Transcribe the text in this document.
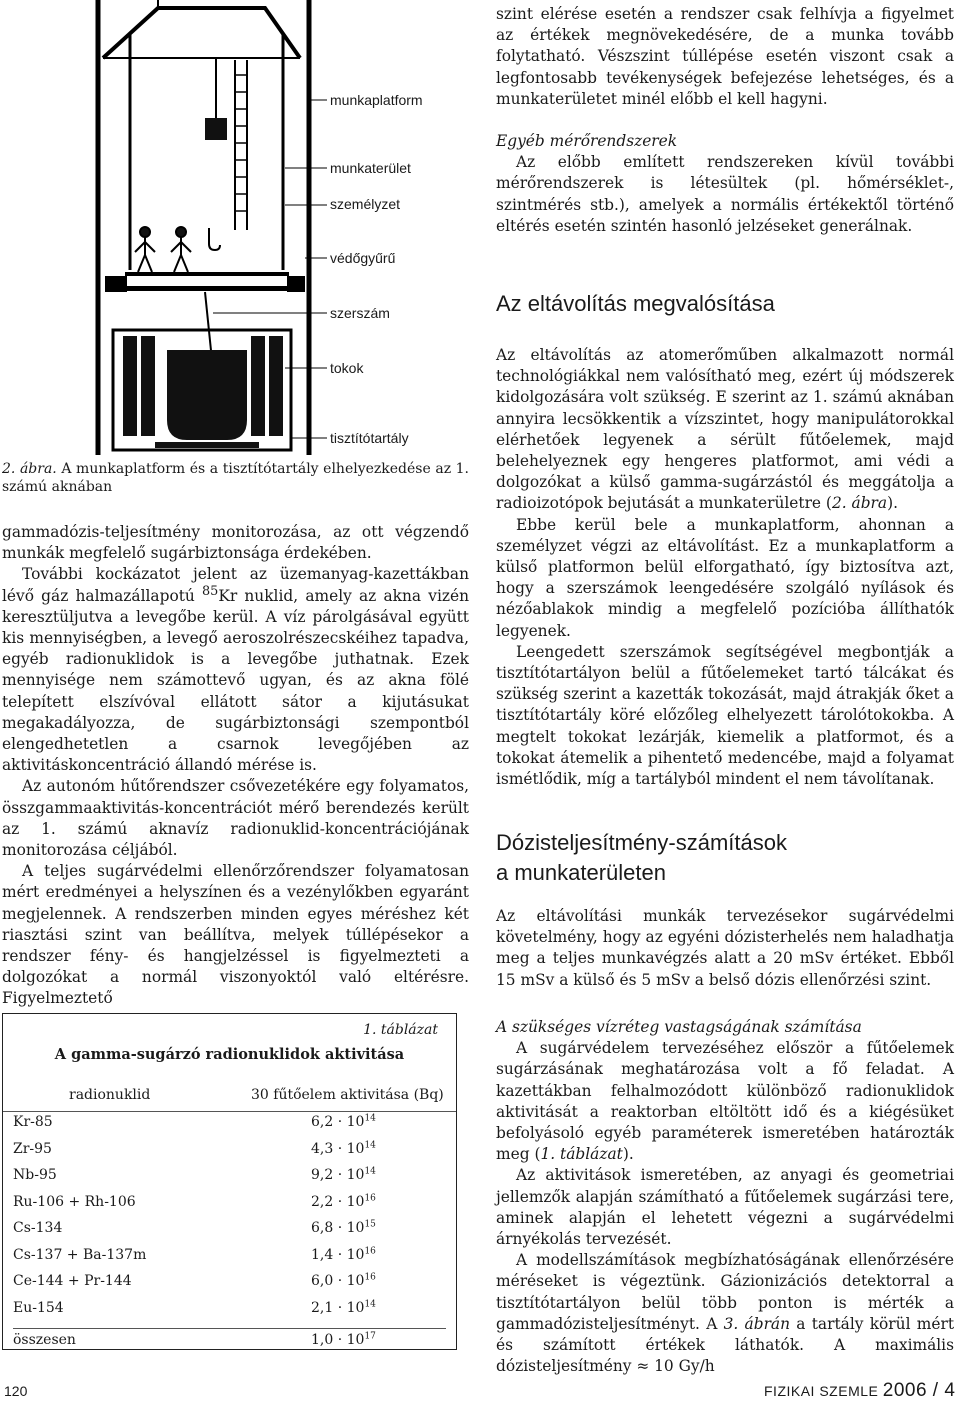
munkaplatform
munkaterület
személyzet
védőgyűrű
szerszám
tokok
tisztítótartály
2. ábra. A munkaplatform és a tisztítótartály elhelyezkedése az 1. számú aknában

gammadózis-teljesítmény monitorozása, az ott végzendő munkák megfelelő sugárbiztonsága érdekében.

További kockázatot jelent az üzemanyag-kazettákban lévő gáz halmazállapotú $^{85}$Kr nuklid, amely az akna vizén keresztüljutva a levegőbe kerül. A víz párolgásával együtt kis mennyiségben, a levegő aeroszolrészecskéihez tapadva, egyéb radionuklidok is a levegőbe juthatnak. Ezek mennyisége nem számottevő ugyan, és az akna fölé telepített elszívóval ellátott sátor a kijutásukat megakadályozza, de sugárbiztonsági szempontból elengedhetetlen a csarnok levegőjében az aktivitáskoncentráció állandó mérése is.

Az autonóm hűtőrendszer csővezetékére egy folyamatos, összgammaaktivitás-koncentrációt mérő berendezés került az 1. számú aknavíz radionuklid-koncentrációjának monitorozása céljából.

A teljes sugárvédelmi ellenőrzőrendszer folyamatosan mért eredményei a helyszínen és a vezénylőkben egyaránt megjelennek. A rendszerben minden egyes méréshez két riasztási szint van beállítva, melyek túllépésekor a rendszer fény- és hangjelzéssel is figyelmezteti a dolgozókat a normál viszonyoktól való eltérésre. Figyelmeztető

1. táblázat
A gamma-sugárzó radionuklidok aktivitása
radionuklid	30 fűtőelem aktivitása (Bq)
Kr-85	$6,2 \cdot 10^{14}$
Zr-95	$4,3 \cdot 10^{14}$
Nb-95	$9,2 \cdot 10^{14}$
Ru-106 + Rh-106	$2,2 \cdot 10^{16}$
Cs-134	$6,8 \cdot 10^{15}$
Cs-137 + Ba-137m	$1,4 \cdot 10^{16}$
Ce-144 + Pr-144	$6,0 \cdot 10^{16}$
Eu-154	$2,1 \cdot 10^{14}$
összesen	$1,0 \cdot 10^{17}$

szint elérése esetén a rendszer csak felhívja a figyelmet az értékek megnövekedésére, de a munka tovább folytatható. Vészszint túllépése esetén viszont csak a legfontosabb tevékenységek befejezése lehetséges, és a munkaterületet minél előbb el kell hagyni.

Egyéb mérőrendszerek

Az előbb említett rendszereken kívül további mérőrendszerek is létesültek (pl. hőmérséklet-, szintmérés stb.), amelyek a normális értékektől történő eltérés esetén szintén hasonló jelzéseket generálnak.

Az eltávolítás megvalósítása

Az eltávolítás az atomerőműben alkalmazott normál technológiákkal nem valósítható meg, ezért új módszerek kidolgozására volt szükség. E szerint az 1. számú aknában annyira lecsökkentik a vízszintet, hogy manipulátorokkal elérhetőek legyenek a sérült fűtőelemek, majd belehelyeznek egy hengeres platformot, ami védi a dolgozókat a külső gamma-sugárzástól és meggátolja a radioizotópok bejutását a munkaterületre (2. ábra).

Ebbe kerül bele a munkaplatform, ahonnan a személyzet végzi az eltávolítást. Ez a munkaplatform a külső platformon belül elforgatható, így biztosítva azt, hogy a szerszámok leengedésére szolgáló nyílások és nézőablakok mindig a megfelelő pozícióba állíthatók legyenek.

Leengedett szerszámok segítségével megbontják a tisztítótartályon belül a fűtőelemeket tartó tálcákat és szükség szerint a kazetták tokozását, majd átrakják őket a tisztítótartály köré előzőleg elhelyezett tárolótokokba. A megtelt tokokat lezárják, kiemelik a platformot, és a tokokat átemelik a pihentető medencébe, majd a folyamat ismétlődik, míg a tartályból mindent el nem távolítanak.

Dózisteljesítmény-számítások
a munkaterületen

Az eltávolítási munkák tervezésekor sugárvédelmi követelmény, hogy az egyéni dózisterhelés nem haladhatja meg a teljes munkavégzés alatt a 20 mSv értéket. Ebből 15 mSv a külső és 5 mSv a belső dózis ellenőrzési szint.

A szükséges vízréteg vastagságának számítása

A sugárvédelem tervezéséhez először a fűtőelemek sugárzásának meghatározása volt a fő feladat. A kazettákban felhalmozódott különböző radionuklidok aktivitását a reaktorban eltöltött idő és a kiégésüket befolyásoló egyéb paraméterek ismeretében határozták meg (1. táblázat).

Az aktivitások ismeretében, az anyagi és geometriai jellemzők alapján számítható a fűtőelemek sugárzási tere, aminek alapján el lehetett végezni a sugárvédelmi árnyékolás tervezését.

A modellszámítások megbízhatóságának ellenőrzésére méréseket is végeztünk. Gázionizációs detektorral a tisztítótartályon belül több ponton is mérték a gammadózisteljesítményt. A 3. ábrán a tartály körül mért és számított értékek láthatók. A maximális dózisteljesítmény ≈ 10 Gy/h

120	FIZIKAI SZEMLE 2006 / 4
